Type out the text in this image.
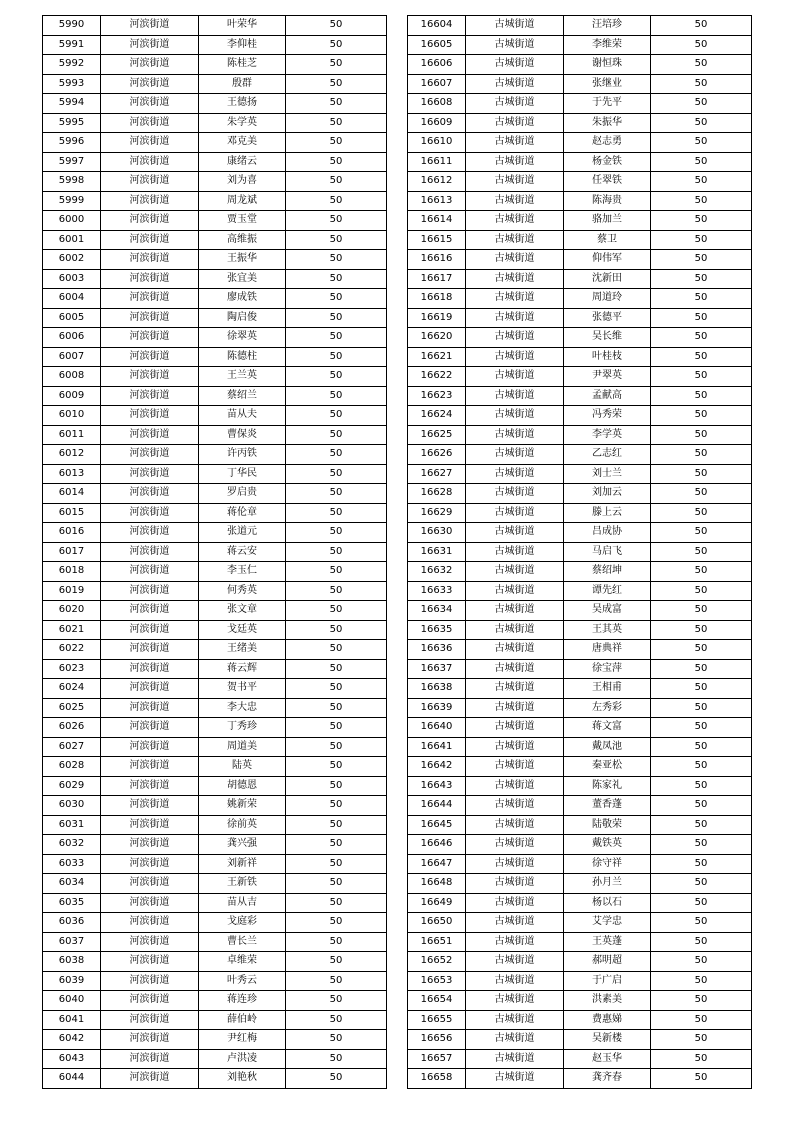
5990	河滨街道	叶荣华	50
5991	河滨街道	李仰桂	50
5992	河滨街道	陈桂芝	50
5993	河滨街道	殷群	50
5994	河滨街道	王德扬	50
5995	河滨街道	朱学英	50
5996	河滨街道	邓克美	50
5997	河滨街道	康绪云	50
5998	河滨街道	刘为喜	50
5999	河滨街道	周龙斌	50
6000	河滨街道	贾玉堂	50
6001	河滨街道	高维振	50
6002	河滨街道	王振华	50
6003	河滨街道	张宜美	50
6004	河滨街道	廖成铁	50
6005	河滨街道	陶启俊	50
6006	河滨街道	徐翠英	50
6007	河滨街道	陈德柱	50
6008	河滨街道	王兰英	50
6009	河滨街道	蔡绍兰	50
6010	河滨街道	苗从夫	50
6011	河滨街道	曹保炎	50
6012	河滨街道	许丙铁	50
6013	河滨街道	丁华民	50
6014	河滨街道	罗启贵	50
6015	河滨街道	蒋伦章	50
6016	河滨街道	张道元	50
6017	河滨街道	蒋云安	50
6018	河滨街道	李玉仁	50
6019	河滨街道	何秀英	50
6020	河滨街道	张文章	50
6021	河滨街道	戈廷英	50
6022	河滨街道	王绪美	50
6023	河滨街道	蒋云辉	50
6024	河滨街道	贺书平	50
6025	河滨街道	李大忠	50
6026	河滨街道	丁秀珍	50
6027	河滨街道	周道美	50
6028	河滨街道	陆英	50
6029	河滨街道	胡德恩	50
6030	河滨街道	姚新荣	50
6031	河滨街道	徐前英	50
6032	河滨街道	龚兴强	50
6033	河滨街道	刘新祥	50
6034	河滨街道	王新铁	50
6035	河滨街道	苗从吉	50
6036	河滨街道	戈庭彩	50
6037	河滨街道	曹长兰	50
6038	河滨街道	卓维荣	50
6039	河滨街道	叶秀云	50
6040	河滨街道	蒋连珍	50
6041	河滨街道	薛伯岭	50
6042	河滨街道	尹红梅	50
6043	河滨街道	卢洪凌	50
6044	河滨街道	刘艳秋	50
16604	古城街道	汪培珍	50
16605	古城街道	李维荣	50
16606	古城街道	谢恒珠	50
16607	古城街道	张继业	50
16608	古城街道	于先平	50
16609	古城街道	朱振华	50
16610	古城街道	赵志勇	50
16611	古城街道	杨金铁	50
16612	古城街道	任翠铁	50
16613	古城街道	陈海贵	50
16614	古城街道	骆加兰	50
16615	古城街道	蔡卫	50
16616	古城街道	仰伟军	50
16617	古城街道	沈新田	50
16618	古城街道	周道玲	50
16619	古城街道	张德平	50
16620	古城街道	吴长维	50
16621	古城街道	叶桂枝	50
16622	古城街道	尹翠英	50
16623	古城街道	孟献高	50
16624	古城街道	冯秀荣	50
16625	古城街道	李学英	50
16626	古城街道	乙志红	50
16627	古城街道	刘士兰	50
16628	古城街道	刘加云	50
16629	古城街道	滕上云	50
16630	古城街道	吕成协	50
16631	古城街道	马启飞	50
16632	古城街道	蔡绍坤	50
16633	古城街道	谭先红	50
16634	古城街道	吴成富	50
16635	古城街道	王其英	50
16636	古城街道	唐典祥	50
16637	古城街道	徐宝萍	50
16638	古城街道	王相甫	50
16639	古城街道	左秀彩	50
16640	古城街道	蒋文富	50
16641	古城街道	戴凤池	50
16642	古城街道	秦亚松	50
16643	古城街道	陈家礼	50
16644	古城街道	董香蓬	50
16645	古城街道	陆敬荣	50
16646	古城街道	戴铁英	50
16647	古城街道	徐守祥	50
16648	古城街道	孙月兰	50
16649	古城街道	杨以石	50
16650	古城街道	艾学忠	50
16651	古城街道	王英蓬	50
16652	古城街道	郝明超	50
16653	古城街道	于广启	50
16654	古城街道	洪素美	50
16655	古城街道	费惠娣	50
16656	古城街道	吴新楼	50
16657	古城街道	赵玉华	50
16658	古城街道	龚齐春	50
